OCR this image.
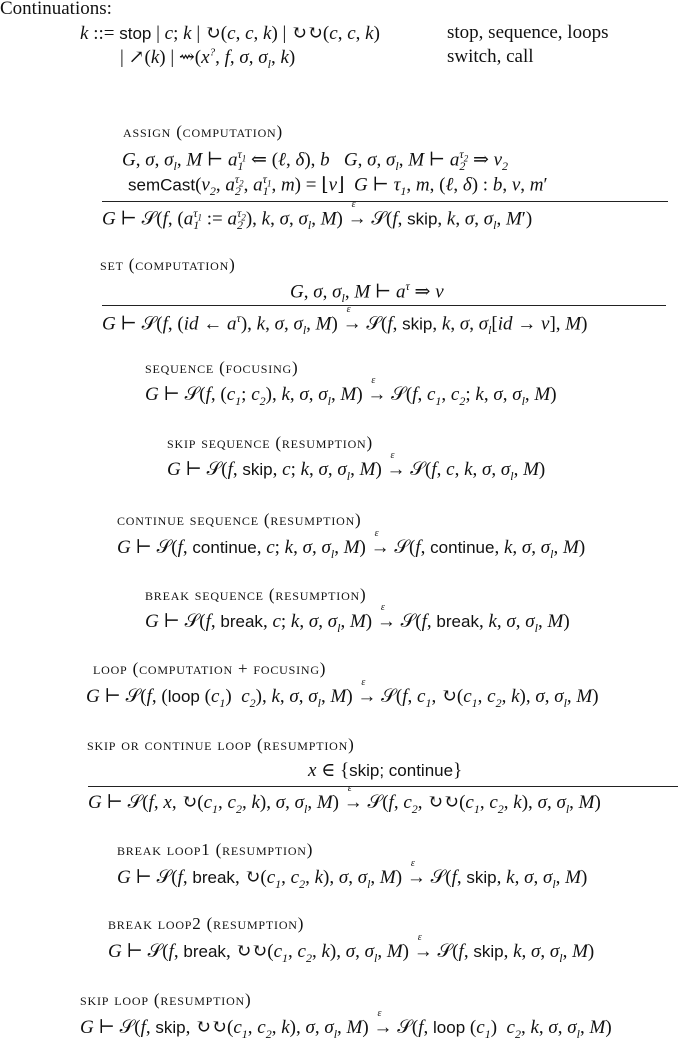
Continuations:
k ::= stop | c; k | ↻(c, c, k) | ↻↻(c, c, k)	stop, sequence, loops
| ↗(k) | ⇝(x?, f, σ, $\sigma_l$, k)	switch, call
assign (computation)
G, σ, $\sigma_l$, M ⊢ $a_1^{\tau_1}$ ⇐ (ℓ, δ), b   G, σ, $\sigma_l$, M ⊢ $a_2^{\tau_2}$ ⇒ $v_2$
$semCast(v_2$, $a_2^{\tau_2}$, $a_1^{\tau_1}$, m) = ⌊v⌋  G ⊢ $\tau_1$, m, (ℓ, δ) : b, v, m′
G ⊢ 𝒮(f, ($a_1^{\tau_1}$ := $a_2^{\tau_2}$), k, σ, $\sigma_l$, M) →
ε
𝒮(f, skip, k, σ, $\sigma_l$, M′)
set (computation)
G, σ, $\sigma_l$, M ⊢ $a^\tau$ ⇒ v
G ⊢ 𝒮(f, (id ← $a^\tau$), k, σ, $\sigma_l$, M) →
ε
𝒮(f, skip, k, σ, $\sigma_l[id \to v]$, M)
sequence (focusing)
G ⊢ 𝒮(f, ($c_1$; $c_2$), k, σ, $\sigma_l$, M) →
ε
𝒮(f, $c_1$, $c_2$; k, σ, $\sigma_l$, M)
skip sequence (resumption)
G ⊢ 𝒮(f, skip, c; k, σ, $\sigma_l$, M) →
ε
𝒮(f, c, k, σ, $\sigma_l$, M)
continue sequence (resumption)
G ⊢ 𝒮(f, continue, c; k, σ, $\sigma_l$, M) →
ε
𝒮(f, continue, k, σ, $\sigma_l$, M)
break sequence (resumption)
G ⊢ 𝒮(f, break, c; k, σ, $\sigma_l$, M) →
ε
𝒮(f, break, k, σ, $\sigma_l$, M)
loop (computation + focusing)
G ⊢ 𝒮(f, (loop $(c_1)$  $c_2$), k, σ, $\sigma_l$, M) →
ε
𝒮(f, $c_1$, $↻(c_1$, $c_2$, k), σ, $\sigma_l$, M)
skip or continue loop (resumption)
x ∈ {skip; continue}
G ⊢ 𝒮(f, x, $↻(c_1$, $c_2$, k), σ, $\sigma_l$, M) →
ε
𝒮(f, $c_2$, $↻↻(c_1$, $c_2$, k), σ, $\sigma_l$, M)
break loop1 (resumption)
G ⊢ 𝒮(f, break, $↻(c_1$, $c_2$, k), σ, $\sigma_l$, M) →
ε
𝒮(f, skip, k, σ, $\sigma_l$, M)
break loop2 (resumption)
G ⊢ 𝒮(f, break, $↻↻(c_1$, $c_2$, k), σ, $\sigma_l$, M) →
ε
𝒮(f, skip, k, σ, $\sigma_l$, M)
skip loop (resumption)
G ⊢ 𝒮(f, skip, $↻↻(c_1$, $c_2$, k), σ, $\sigma_l$, M) →
ε
𝒮(f, loop $(c_1)$  $c_2$, k, σ, $\sigma_l$, M)
